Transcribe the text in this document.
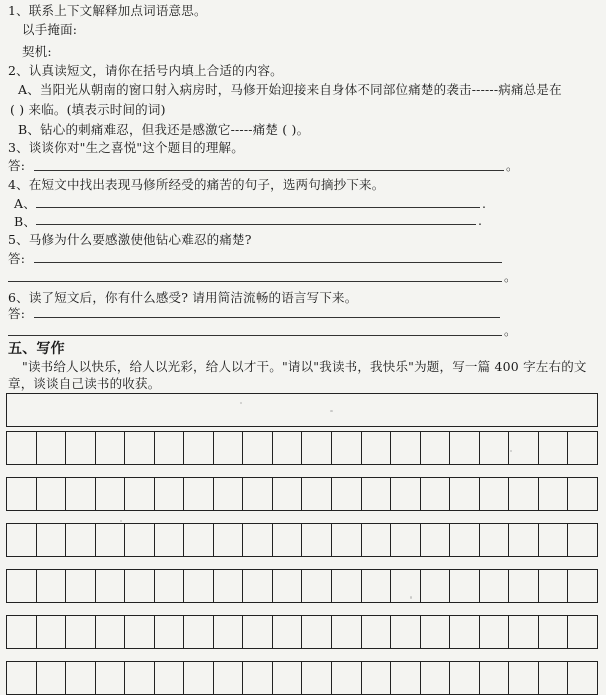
1、联系上下文解释加点词语意思。
以手掩面:
契机:
2、认真读短文，请你在括号内填上合适的内容。
A、当阳光从朝南的窗口射入病房时，马修开始迎接来自身体不同部位痛楚的袭击------病痛总是在
( ) 来临。(填表示时间的词)
B、钻心的刺痛难忍，但我还是感激它-----痛楚 ( )。
3、谈谈你对"生之喜悦"这个题目的理解。
答:	。
4、在短文中找出表现马修所经受的痛苦的句子，选两句摘抄下来。
A、	.
B、	.
5、马修为什么要感激使他钻心难忍的痛楚?
答:
。
6、读了短文后，你有什么感受? 请用简洁流畅的语言写下来。
答:
。
五、写作
"读书给人以快乐，给人以光彩，给人以才干。"请以"我读书，我快乐"为题，写一篇 400 字左右的文
章，谈谈自己读书的收获。
